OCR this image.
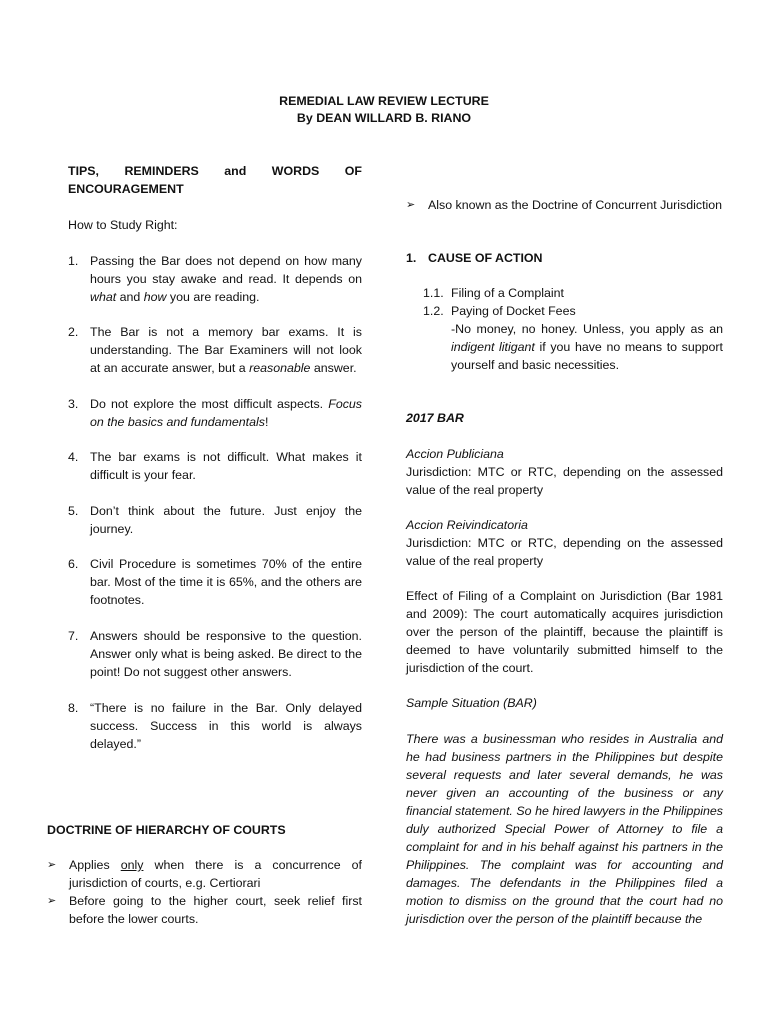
REMEDIAL LAW REVIEW LECTURE
By DEAN WILLARD B. RIANO

TIPS, REMINDERS and WORDS OF ENCOURAGEMENT

How to Study Right:

1. Passing the Bar does not depend on how many hours you stay awake and read. It depends on what and how you are reading.
2. The Bar is not a memory bar exams. It is understanding. The Bar Examiners will not look at an accurate answer, but a reasonable answer.
3. Do not explore the most difficult aspects. Focus on the basics and fundamentals!
4. The bar exams is not difficult. What makes it difficult is your fear.
5. Don’t think about the future. Just enjoy the journey.
6. Civil Procedure is sometimes 70% of the entire bar. Most of the time it is 65%, and the others are footnotes.
7. Answers should be responsive to the question. Answer only what is being asked. Be direct to the point! Do not suggest other answers.
8. “There is no failure in the Bar. Only delayed success. Success in this world is always delayed.”

DOCTRINE OF HIERARCHY OF COURTS

➢	Applies only when there is a concurrence of jurisdiction of courts, e.g. Certiorari
➢	Before going to the higher court, seek relief first before the lower courts.
➢	Also known as the Doctrine of Concurrent Jurisdiction
1. CAUSE OF ACTION
1.1. Filing of a Complaint
1.2. Paying of Docket Fees

-No money, no honey. Unless, you apply as an indigent litigant if you have no means to support yourself and basic necessities.

2017 BAR

Accion Publiciana

Jurisdiction: MTC or RTC, depending on the assessed value of the real property

Accion Reivindicatoria

Jurisdiction: MTC or RTC, depending on the assessed value of the real property

Effect of Filing of a Complaint on Jurisdiction (Bar 1981 and 2009): The court automatically acquires jurisdiction over the person of the plaintiff, because the plaintiff is deemed to have voluntarily submitted himself to the jurisdiction of the court.

Sample Situation (BAR)

There was a businessman who resides in Australia and he had business partners in the Philippines but despite several requests and later several demands, he was never given an accounting of the business or any financial statement. So he hired lawyers in the Philippines duly authorized Special Power of Attorney to file a complaint for and in his behalf against his partners in the Philippines. The complaint was for accounting and damages. The defendants in the Philippines filed a motion to dismiss on the ground that the court had no jurisdiction over the person of the plaintiff because the
